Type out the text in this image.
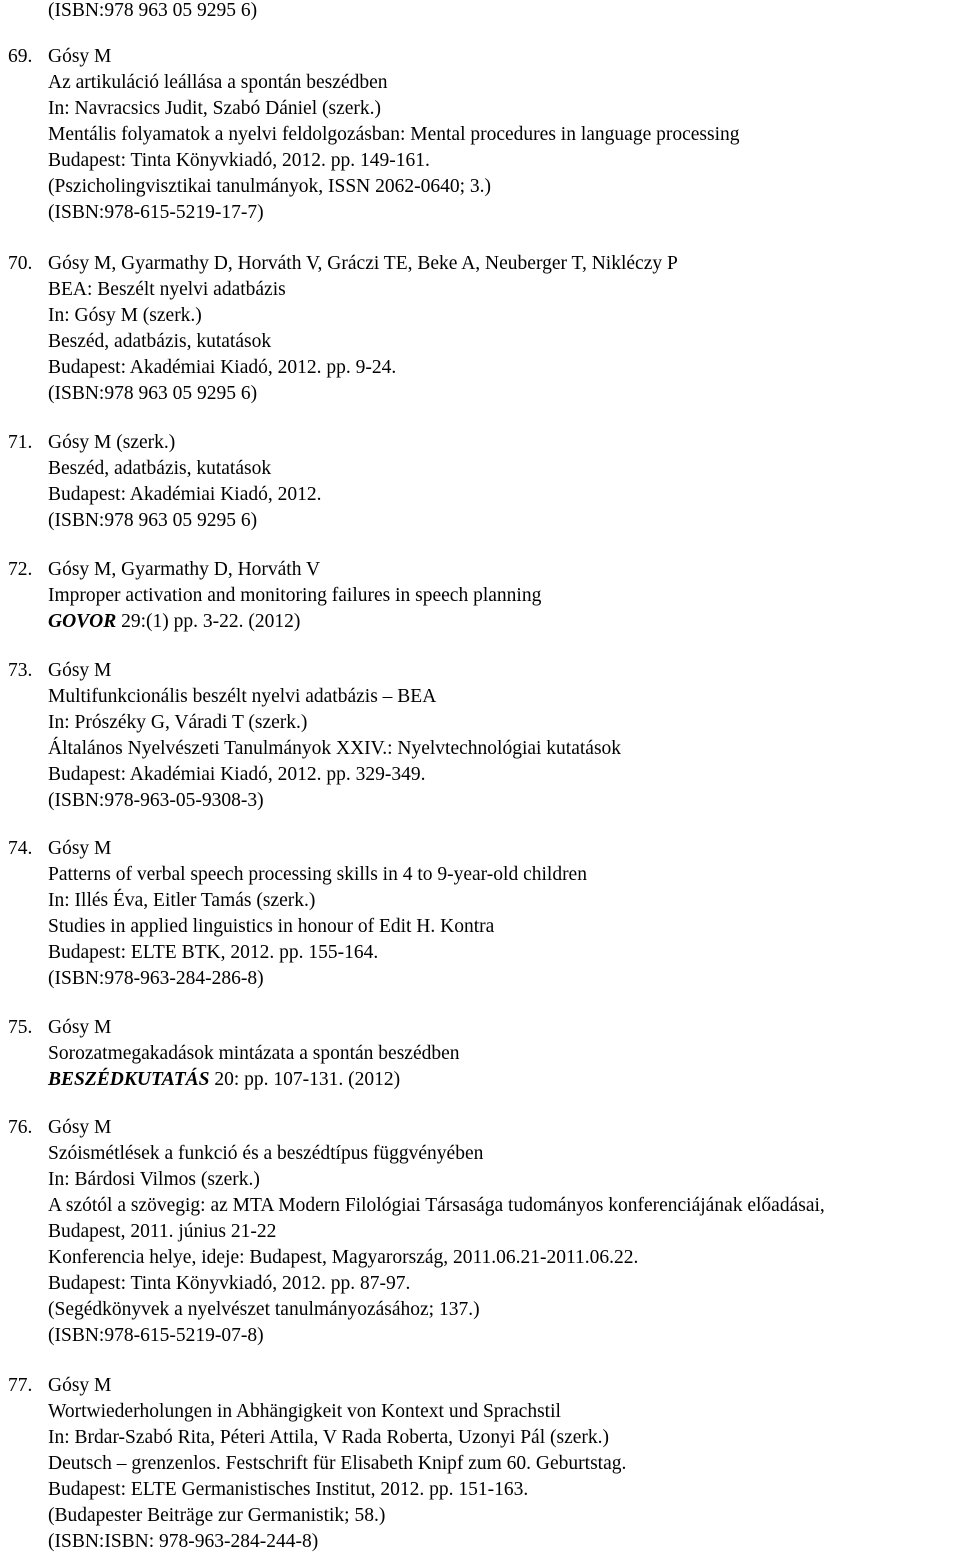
(ISBN:978 963 05 9295 6)
69. Gósy M
Az artikuláció leállása a spontán beszédben
In: Navracsics Judit, Szabó Dániel (szerk.)
Mentális folyamatok a nyelvi feldolgozásban: Mental procedures in language processing
Budapest: Tinta Könyvkiadó, 2012. pp. 149-161.
(Pszicholingvisztikai tanulmányok, ISSN 2062-0640; 3.)
(ISBN:978-615-5219-17-7)
70. Gósy M, Gyarmathy D, Horváth V, Gráczi TE, Beke A, Neuberger T, Nikléczy P
BEA: Beszélt nyelvi adatbázis
In: Gósy M (szerk.)
Beszéd, adatbázis, kutatások
Budapest: Akadémiai Kiadó, 2012. pp. 9-24.
(ISBN:978 963 05 9295 6)
71. Gósy M (szerk.)
Beszéd, adatbázis, kutatások
Budapest: Akadémiai Kiadó, 2012.
(ISBN:978 963 05 9295 6)
72. Gósy M, Gyarmathy D, Horváth V
Improper activation and monitoring failures in speech planning
GOVOR 29:(1) pp. 3-22. (2012)
73. Gósy M
Multifunkcionális beszélt nyelvi adatbázis – BEA
In: Prószéky G, Váradi T (szerk.)
Általános Nyelvészeti Tanulmányok XXIV.: Nyelvtechnológiai kutatások
Budapest: Akadémiai Kiadó, 2012. pp. 329-349.
(ISBN:978-963-05-9308-3)
74. Gósy M
Patterns of verbal speech processing skills in 4 to 9-year-old children
In: Illés Éva, Eitler Tamás (szerk.)
Studies in applied linguistics in honour of Edit H. Kontra
Budapest: ELTE BTK, 2012. pp. 155-164.
(ISBN:978-963-284-286-8)
75. Gósy M
Sorozatmegakadások mintázata a spontán beszédben
BESZÉDKUTATÁS 20: pp. 107-131. (2012)
76. Gósy M
Szóismétlések a funkció és a beszédtípus függvényében
In: Bárdosi Vilmos (szerk.)
A szótól a szövegig: az MTA Modern Filológiai Társasága tudományos konferenciájának előadásai,
Budapest, 2011. június 21-22
Konferencia helye, ideje: Budapest, Magyarország, 2011.06.21-2011.06.22.
Budapest: Tinta Könyvkiadó, 2012. pp. 87-97.
(Segédkönyvek a nyelvészet tanulmányozásához; 137.)
(ISBN:978-615-5219-07-8)
77. Gósy M
Wortwiederholungen in Abhängigkeit von Kontext und Sprachstil
In: Brdar-Szabó Rita, Péteri Attila, V Rada Roberta, Uzonyi Pál (szerk.)
Deutsch – grenzenlos. Festschrift für Elisabeth Knipf zum 60. Geburtstag.
Budapest: ELTE Germanistisches Institut, 2012. pp. 151-163.
(Budapester Beiträge zur Germanistik; 58.)
(ISBN:ISBN: 978-963-284-244-8)
